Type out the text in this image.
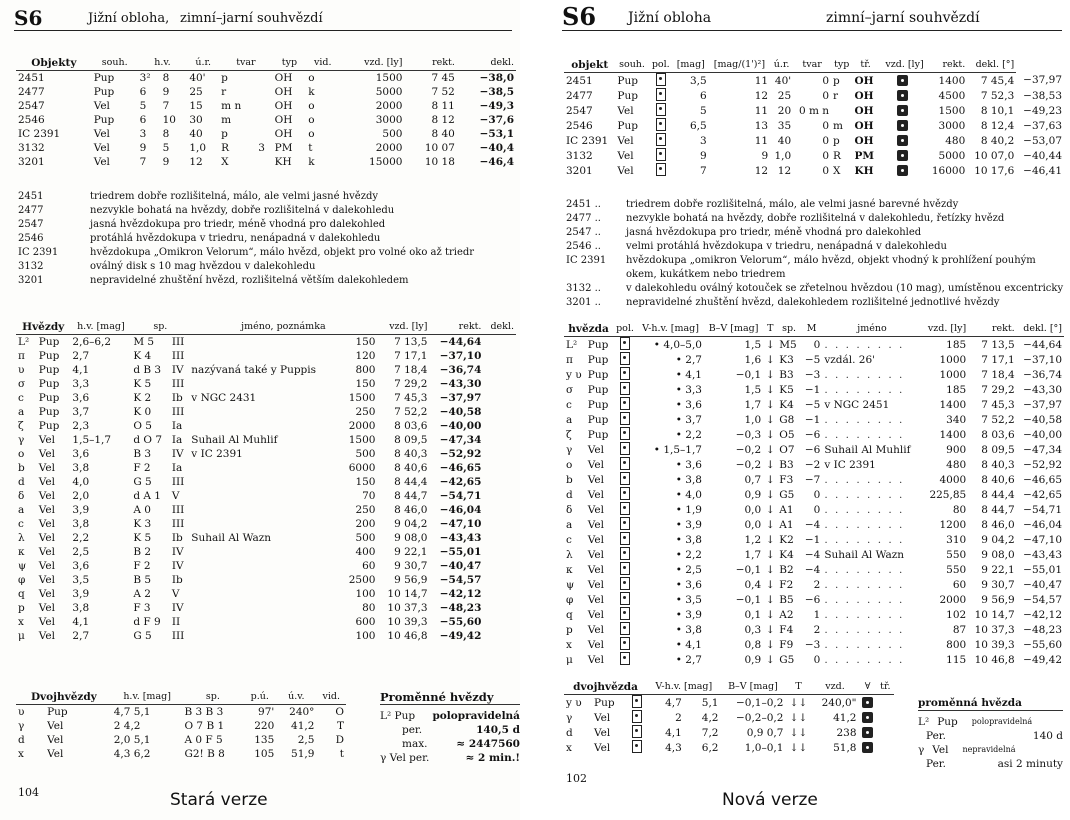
S6	Jižní obloha, zimní–jarní souhvězdí
Objekty	souh.	h.v.		ú.r.	tvar		typ	vid.	vzd. [ly]	rekt.	dekl.
2451	Pup	3²	8	40'	p		OH	o	1500	7 45	−38,0
2477	Pup	6	9	25	r		OH	k	5000	7 52	−38,5
2547	Vel	5	7	15	m n		OH	o	2000	8 11	−49,3
2546	Pup	6	10	30	m		OH	o	3000	8 12	−37,6
IC 2391	Vel	3	8	40	p		OH	o	500	8 40	−53,1
3132	Vel	9	5	1,0	R	3	PM	t	2000	10 07	−40,4
3201	Vel	7	9	12	X		KH	k	15000	10 18	−46,4
2451	triedrem dobře rozlišitelná, málo, ale velmi jasné hvězdy
2477	nezvykle bohatá na hvězdy, dobře rozlišitelná v dalekohledu
2547	jasná hvězdokupa pro triedr, méně vhodná pro dalekohled
2546	protáhlá hvězdokupa v triedru, nenápadná v dalekohledu
IC 2391	hvězdokupa „Omikron Velorum“, málo hvězd, objekt pro volné oko až triedr
3132	oválný disk s 10 mag hvězdou v dalekohledu
3201	nepravidelné zhuštění hvězd, rozlišitelná větším dalekohledem
Hvězdy		h.v. [mag]	sp.		jméno, poznámka		vzd. [ly]	rekt.	dekl.
L²	Pup	2,6–6,2	M 5	III		150	7 13,5	−44,64	
π	Pup	2,7	K 4	III		120	7 17,1	−37,10	
υ	Pup	4,1	d B 3	IV	nazývaná také y Puppis	800	7 18,4	−36,74	
σ	Pup	3,3	K 5	III		150	7 29,2	−43,30	
c	Pup	3,6	K 2	Ib	v NGC 2431	1500	7 45,3	−37,97	
a	Pup	3,7	K 0	III		250	7 52,2	−40,58	
ζ	Pup	2,3	O 5	Ia		2000	8 03,6	−40,00	
γ	Vel	1,5–1,7	d O 7	Ia	Suhail Al Muhlif	1500	8 09,5	−47,34	
o	Vel	3,6	B 3	IV	v IC 2391	500	8 40,3	−52,92	
b	Vel	3,8	F 2	Ia		6000	8 40,6	−46,65	
d	Vel	4,0	G 5	III		150	8 44,4	−42,65	
δ	Vel	2,0	d A 1	V		70	8 44,7	−54,71	
a	Vel	3,9	A 0	III		250	8 46,0	−46,04	
c	Vel	3,8	K 3	III		200	9 04,2	−47,10	
λ	Vel	2,2	K 5	Ib	Suhail Al Wazn	500	9 08,0	−43,43	
κ	Vel	2,5	B 2	IV		400	9 22,1	−55,01	
ψ	Vel	3,6	F 2	IV		60	9 30,7	−40,47	
φ	Vel	3,5	B 5	Ib		2500	9 56,9	−54,57	
q	Vel	3,9	A 2	V		100	10 14,7	−42,12	
p	Vel	3,8	F 3	IV		80	10 37,3	−48,23	
x	Vel	4,1	d F 9	II		600	10 39,3	−55,60	
μ	Vel	2,7	G 5	III		100	10 46,8	−49,42	
Dvojhvězdy		h.v. [mag]	sp.	p.ú.	ú.v.	vid.
υ	Pup	4,7 5,1	B 3 B 3	97'	240°	O
γ	Vel	2 4,2	O 7 B 1	220	41,2	T
d	Vel	2,0 5,1	A 0 F 5	135	2,5	D
x	Vel	4,3 6,2	G2! B 8	105	51,9	t
Proměnné hvězdy
L² Pup polopravidelná
per.	140,5 d
max.	≈ 2447560
γ Vel per.	≈ 2 min.!
104
S6 Jižní obloha	zimní–jarní souhvězdí
objekt	souh.	pol.	[mag]	[mag/(1')²]	ú.r.	tvar	typ	tř.	vzd. [ly]	rekt.	dekl. [°]	
2451	Pup		3,5	11	40'	0	p	OH		1400	7 45,4	−37,97
2477	Pup		6	12	25	0	r	OH		4500	7 52,3	−38,53
2547	Vel		5	11	20	0 m n		OH		1500	8 10,1	−49,23
2546	Pup		6,5	13	35	0	m	OH		3000	8 12,4	−37,63
IC 2391	Vel		3	11	40	0	p	OH		480	8 40,2	−53,07
3132	Vel		9	9	1,0	0	R	PM		5000	10 07,0	−40,44
3201	Vel		7	12	12	0	X	KH		16000	10 17,6	−46,41
2451 ..	triedrem dobře rozlišitelná, málo, ale velmi jasné barevné hvězdy
2477 ..	nezvykle bohatá na hvězdy, dobře rozlišitelná v dalekohledu, řetízky hvězd
2547 ..	jasná hvězdokupa pro triedr, méně vhodná pro dalekohled
2546 ..	velmi protáhlá hvězdokupa v triedru, nenápadná v dalekohledu
IC 2391	hvězdokupa „omikron Velorum“, málo hvězd, objekt vhodný k prohlížení pouhým okem, kukátkem nebo triedrem
3132 ..	v dalekohledu oválný kotouček se zřetelnou hvězdou (10 mag), umístěnou excentricky
3201 ..	nepravidelné zhuštění hvězd, dalekohledem rozlišitelné jednotlivé hvězdy
hvězda		pol.	V-h.v. [mag]	B–V [mag]	T	sp.	M	jméno	vzd. [ly]	rekt.	dekl. [°]
L²	Pup		• 4,0–5,0	1,5	↓	M5	0	. . . . . . . .	185	7 13,5	−44,64
π	Pup		• 2,7	1,6	↓	K3	−5	vzdál. 26'	1000	7 17,1	−37,10
y υ	Pup		• 4,1	−0,1	↓	B3	−3	. . . . . . . .	1000	7 18,4	−36,74
σ	Pup		• 3,3	1,5	↓	K5	−1	. . . . . . . .	185	7 29,2	−43,30
c	Pup		• 3,6	1,7	↓	K4	−5	v NGC 2451	1400	7 45,3	−37,97
a	Pup		• 3,7	1,0	↓	G8	−1	. . . . . . . .	340	7 52,2	−40,58
ζ	Pup		• 2,2	−0,3	↓	O5	−6	. . . . . . . .	1400	8 03,6	−40,00
γ	Vel		• 1,5–1,7	−0,2	↓	O7	−6	Suhail Al Muhlif	900	8 09,5	−47,34
o	Vel		• 3,6	−0,2	↓	B3	−2	v IC 2391	480	8 40,3	−52,92
b	Vel		• 3,8	0,7	↓	F3	−7	. . . . . . . .	4000	8 40,6	−46,65
d	Vel		• 4,0	0,9	↓	G5	0	. . . . . . . .	225,85	8 44,4	−42,65
δ	Vel		• 1,9	0,0	↓	A1	0	. . . . . . . .	80	8 44,7	−54,71
a	Vel		• 3,9	0,0	↓	A1	−4	. . . . . . . .	1200	8 46,0	−46,04
c	Vel		• 3,8	1,2	↓	K2	−1	. . . . . . . .	310	9 04,2	−47,10
λ	Vel		• 2,2	1,7	↓	K4	−4	Suhail Al Wazn	550	9 08,0	−43,43
κ	Vel		• 2,5	−0,1	↓	B2	−4	. . . . . . . .	550	9 22,1	−55,01
ψ	Vel		• 3,6	0,4	↓	F2	2	. . . . . . . .	60	9 30,7	−40,47
φ	Vel		• 3,5	−0,1	↓	B5	−6	. . . . . . . .	2000	9 56,9	−54,57
q	Vel		• 3,9	0,1	↓	A2	1	. . . . . . . .	102	10 14,7	−42,12
p	Vel		• 3,8	0,3	↓	F4	2	. . . . . . . .	87	10 37,3	−48,23
x	Vel		• 4,1	0,8	↓	F9	−3	. . . . . . . .	800	10 39,3	−55,60
μ	Vel		• 2,7	0,9	↓	G5	0	. . . . . . . .	115	10 46,8	−49,42
dvojhvězda			V-h.v. [mag]		B–V [mag]	T	vzd.	∀	tř.
y υ	Pup		4,7	5,1	−0,1–0,2	↓↓	240,0"		
γ	Vel		2	4,2	−0,2–0,2	↓↓	41,2		
d	Vel		4,1	7,2	0,9 0,7	↓↓	238		
x	Vel		4,3	6,2	1,0–0,1	↓↓	51,8		
proměnná hvězda
L² Pup polopravidelná
Per.	140 d
γ Vel nepravidelná
Per.	asi 2 minuty
102
Stará verze	Nová verze
